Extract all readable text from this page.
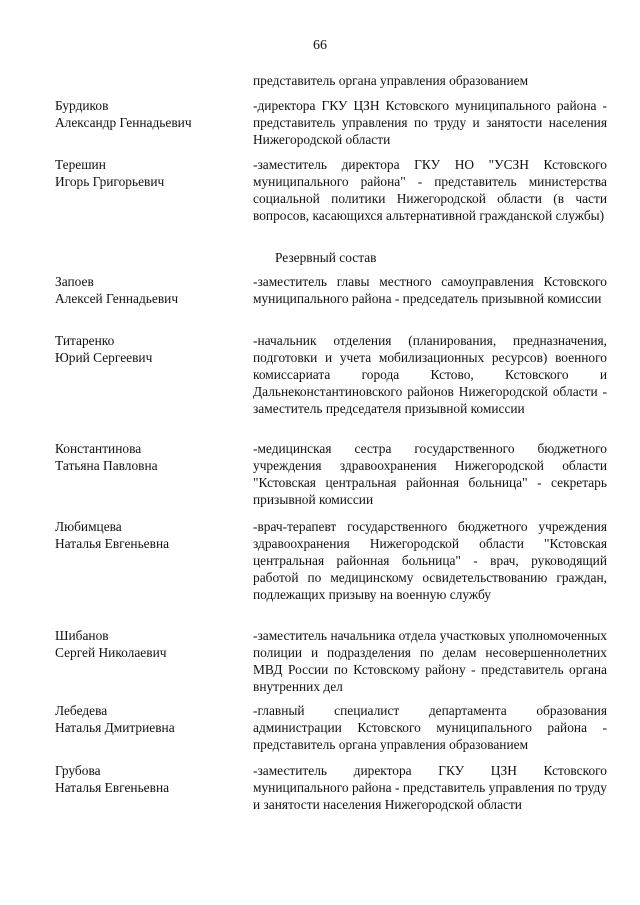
66
представитель органа управления образованием
Бурдиков
Александр Геннадьевич
-директора ГКУ ЦЗН Кстовского муниципального района - представитель управления по труду и занятости населения Нижегородской области
Терешин
Игорь Григорьевич
-заместитель директора ГКУ НО "УСЗН Кстовского муниципального района" - представитель министерства социальной политики Нижегородской области (в части вопросов, касающихся альтернативной гражданской службы)
Резервный состав
Запоев
Алексей Геннадьевич
-заместитель главы местного самоуправления Кстовского муниципального района - председатель призывной комиссии
Титаренко
Юрий Сергеевич
-начальник отделения (планирования, предназначения, подготовки и учета мобилизационных ресурсов) военного комиссариата города Кстово, Кстовского и Дальнеконстантиновского районов Нижегородской области - заместитель председателя призывной комиссии
Константинова
Татьяна Павловна
-медицинская сестра государственного бюджетного учреждения здравоохранения Нижегородской области "Кстовская центральная районная больница" - секретарь призывной комиссии
Любимцева
Наталья Евгеньевна
-врач-терапевт государственного бюджетного учреждения здравоохранения Нижегородской области "Кстовская центральная районная больница" - врач, руководящий работой по медицинскому освидетельствованию граждан, подлежащих призыву на военную службу
Шибанов
Сергей Николаевич
-заместитель начальника отдела участковых уполномоченных полиции и подразделения по делам несовершеннолетних МВД России по Кстовскому району - представитель органа внутренних дел
Лебедева
Наталья Дмитриевна
-главный специалист департамента образования администрации Кстовского муниципального района - представитель органа управления образованием
Грубова
Наталья Евгеньевна
-заместитель директора ГКУ ЦЗН Кстовского муниципального района - представитель управления по труду и занятости населения Нижегородской области
